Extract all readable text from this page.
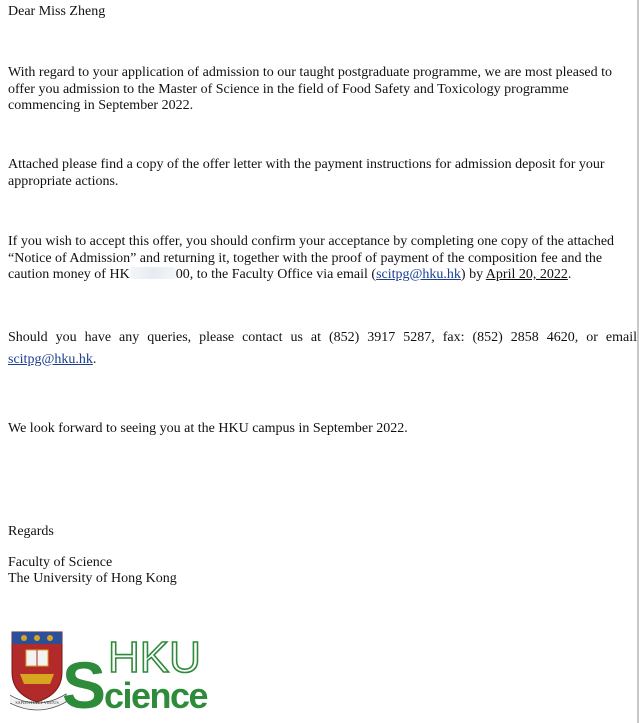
Dear Miss Zheng

With regard to your application of admission to our taught postgraduate programme, we are most pleased to offer you admission to the Master of Science in the field of Food Safety and Toxicology programme commencing in September 2022.

Attached please find a copy of the offer letter with the payment instructions for admission deposit for your appropriate actions.

If you wish to accept this offer, you should confirm your acceptance by completing one copy of the attached “Notice of Admission” and returning it, together with the proof of payment of the composition fee and the caution money of HK	00, to the Faculty Office via email (scitpg@hku.hk) by April 20, 2022.

Should you have any queries, please contact us at (852) 3917 5287, fax: (852) 2858 4620, or email

scitpg@hku.hk.

We look forward to seeing you at the HKU campus in September 2022.

Regards

Faculty of Science

The University of Hong Kong

SAPIENTIA ET VIRTUS S HKU
cience
